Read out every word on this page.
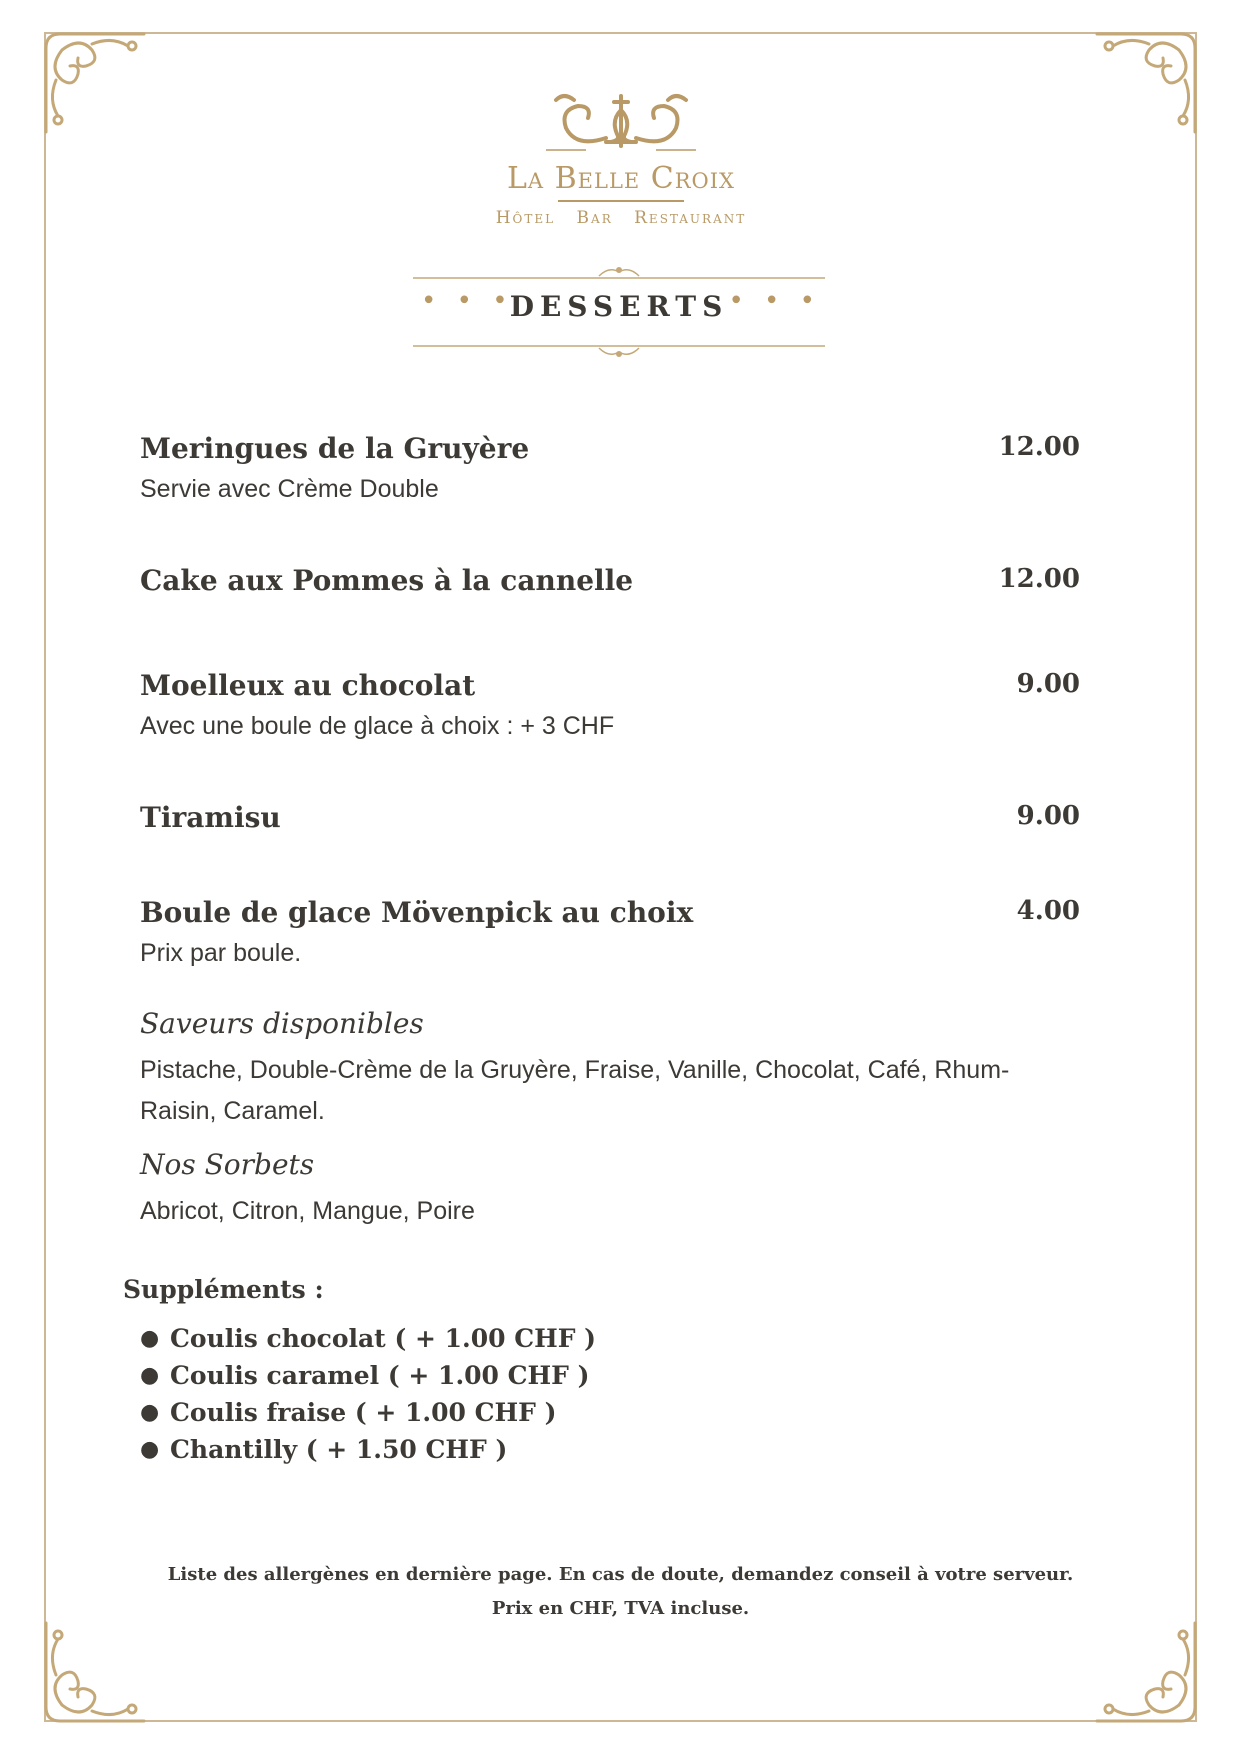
La Belle Croix
Hôtel Bar Restaurant
• • •
DESSERTS • • •
Meringues de la Gruyère	12.00
Servie avec Crème Double
Cake aux Pommes à la cannelle	12.00
Moelleux au chocolat	9.00
Avec une boule de glace à choix : + 3 CHF
Tiramisu	9.00
Boule de glace Mövenpick au choix	4.00
Prix par boule.
Saveurs disponibles
Pistache, Double-Crème de la Gruyère, Fraise, Vanille, Chocolat, Café, Rhum-Raisin, Caramel.
Nos Sorbets
Abricot, Citron, Mangue, Poire
Suppléments :
● Coulis chocolat ( + 1.00 CHF )
● Coulis caramel ( + 1.00 CHF )
● Coulis fraise ( + 1.00 CHF )
● Chantilly ( + 1.50 CHF )
Liste des allergènes en dernière page. En cas de doute, demandez conseil à votre serveur.
Prix en CHF, TVA incluse.
